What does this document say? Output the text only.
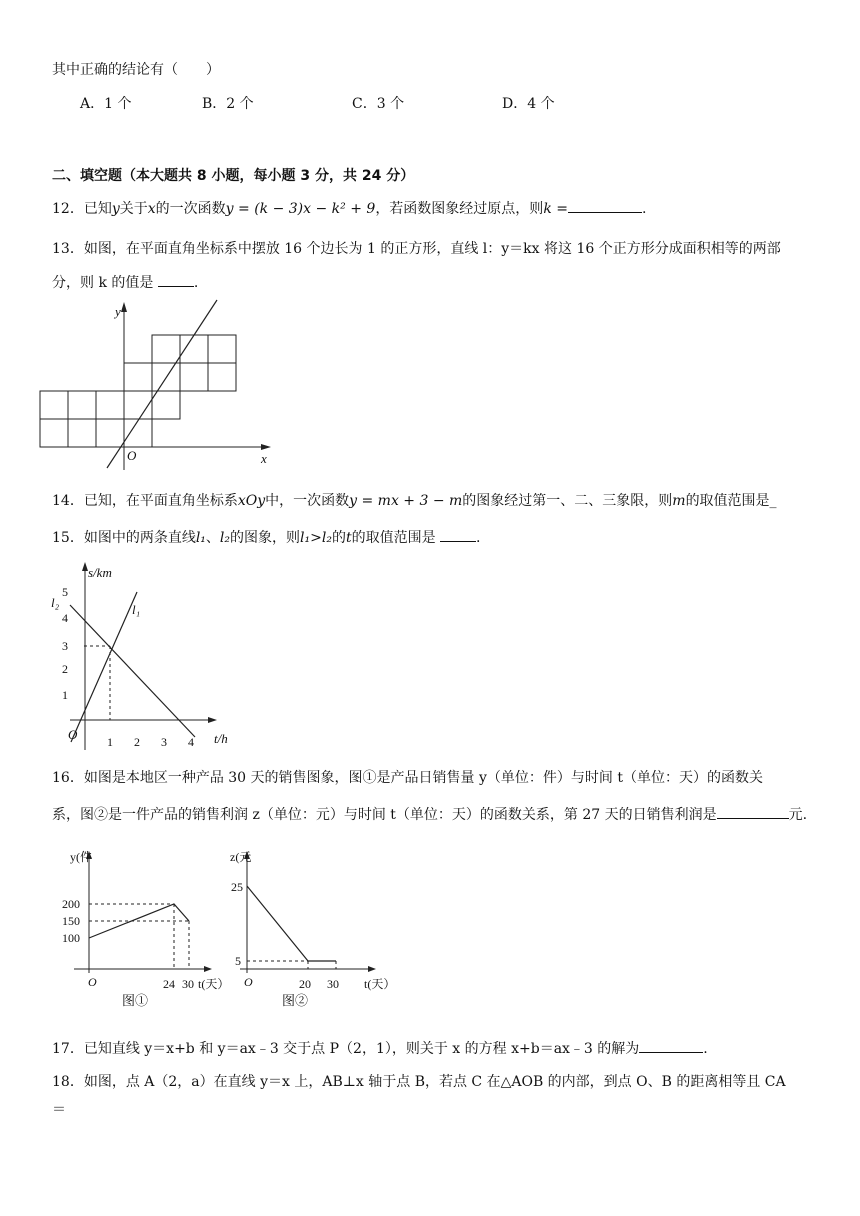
其中正确的结论有（　　）
A．1 个	B．2 个	C．3 个	D．4 个
二、填空题（本大题共 8 小题，每小题 3 分，共 24 分）
12．已知y关于x的一次函数y = (k − 3)x − k² + 9，若函数图象经过原点，则k =	.
13．如图，在平面直角坐标系中摆放 16 个边长为 1 的正方形，直线 l：y＝kx 将这 16 个正方形分成面积相等的两部
分，则 k 的值是	.
y
x
O
14．已知，在平面直角坐标系xOy中，一次函数y = mx + 3 − m的图象经过第一、二、三象限，则m的取值范围是_
15．如图中的两条直线l₁、l₂的图象，则l₁>l₂的t的取值范围是	.
s/km
t/h
O
l₁
l₂
1
2
3
4
5
1 2 3 4
16．如图是本地区一种产品 30 天的销售图象，图①是产品日销售量 y（单位：件）与时间 t（单位：天）的函数关
系，图②是一件产品的销售利润 z（单位：元）与时间 t（单位：天）的函数关系，第 27 天的日销售利润是	元.
y(件
t(天）
O
200
150
100
24 30
图①
z(元
t(天）
O
25
5
20 30
图②
17．已知直线 y＝x+b 和 y＝ax﹣3 交于点 P（2，1），则关于 x 的方程 x+b＝ax﹣3 的解为	.
18．如图，点 A（2，a）在直线 y＝x 上，AB⊥x 轴于点 B，若点 C 在△AOB 的内部，到点 O、B 的距离相等且 CA
＝
